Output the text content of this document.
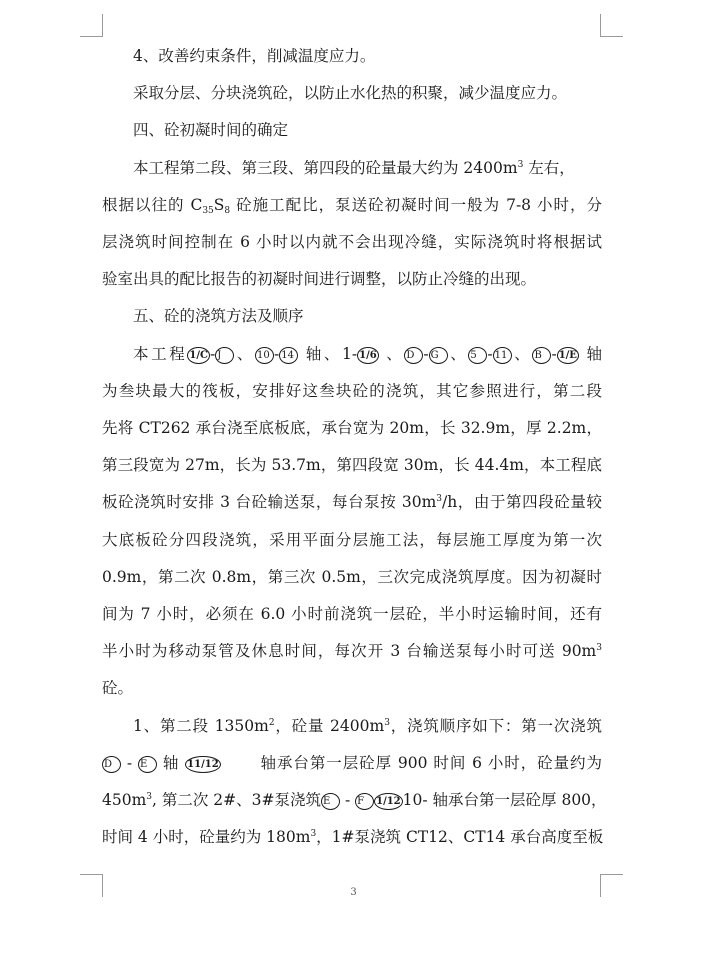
4、改善约束条件，削减温度应力。

采取分层、分块浇筑砼，以防止水化热的积聚，减少温度应力。

四、砼初凝时间的确定

本工程第二段、第三段、第四段的砼量最大约为 $2400m^3$ 左右，

根据以往的 $C_{35}S_8$ 砼施工配比，泵送砼初凝时间一般为 7-8 小时，分

层浇筑时间控制在 6 小时以内就不会出现冷缝，实际浇筑时将根据试

验室出具的配比报告的初凝时间进行调整，以防止冷缝的出现。

五、砼的浇筑方法及顺序

本工程 1/C - J 、 10 - 14 轴、1- 1/6 、 D - G 、 5 - 11 、 B - 1/E 轴

为叁块最大的筏板，安排好这叁块砼的浇筑，其它参照进行，第二段

先将 CT262 承台浇至底板底，承台宽为 20m，长 32.9m，厚 2.2m，

第三段宽为 27m，长为 53.7m，第四段宽 30m，长 44.4m，本工程底

板砼浇筑时安排 3 台砼输送泵，每台泵按 $30m^3/h$，由于第四段砼量较

大底板砼分四段浇筑，采用平面分层施工法，每层施工厚度为第一次

0.9m，第二次 0.8m，第三次 0.5m，三次完成浇筑厚度。因为初凝时

间为 7 小时，必须在 6.0 小时前浇筑一层砼，半小时运输时间，还有

半小时为移动泵管及休息时间，每次开 3 台输送泵每小时可送 $90m^3$

砼。

1、第二段 $1350m^2$，砼量 $2400m^3$，浇筑顺序如下：第一次浇筑

D - E 轴 11/12 轴承台第一层砼厚 900 时间 6 小时，砼量约为

$450m^3$, 第二次 2#、3#泵浇筑 E - F 1/12 10- 轴承台第一层砼厚 800，

时间 4 小时，砼量约为 $180m^3$，1#泵浇筑 CT12、CT14 承台高度至板

3
